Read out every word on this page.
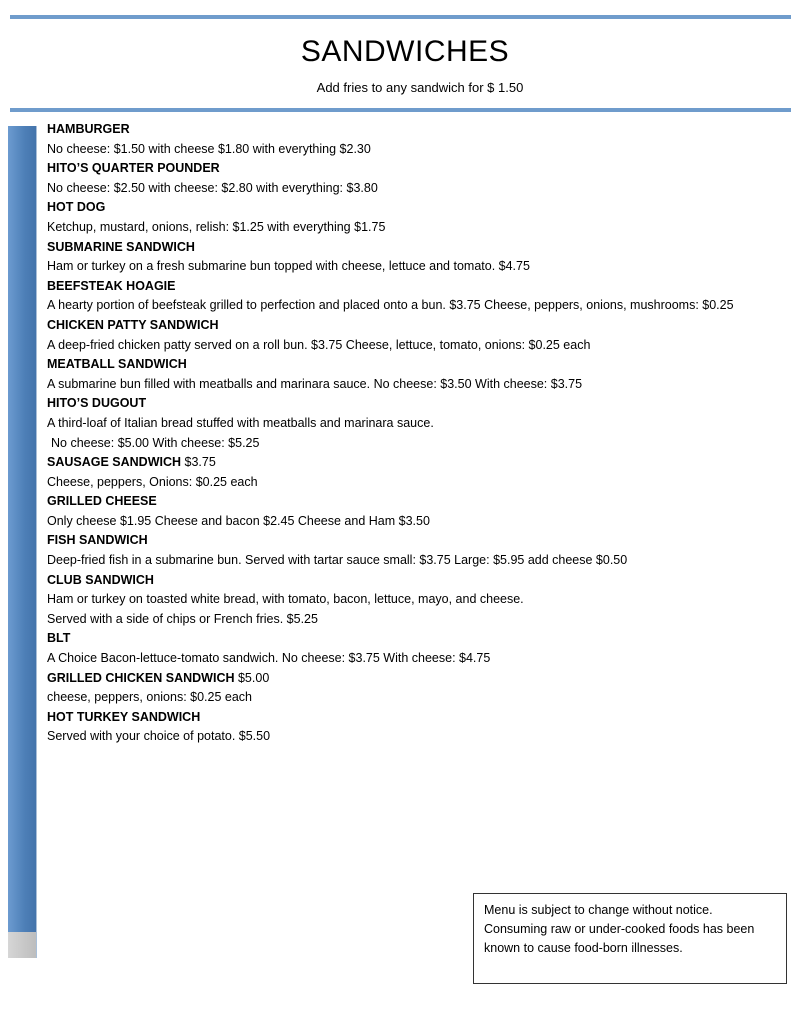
SANDWICHES
Add fries to any sandwich for $ 1.50
HAMBURGER
No cheese: $1.50 with cheese $1.80 with everything $2.30
HITO’S QUARTER POUNDER
No cheese: $2.50 with cheese: $2.80 with everything: $3.80
HOT DOG
Ketchup, mustard, onions, relish: $1.25 with everything $1.75
SUBMARINE SANDWICH
Ham or turkey on a fresh submarine bun topped with cheese, lettuce and tomato. $4.75
BEEFSTEAK HOAGIE
A hearty portion of beefsteak grilled to perfection and placed onto a bun. $3.75 Cheese, peppers, onions, mushrooms: $0.25
CHICKEN PATTY SANDWICH
A deep-fried chicken patty served on a roll bun. $3.75 Cheese, lettuce, tomato, onions: $0.25 each
MEATBALL SANDWICH
A submarine bun filled with meatballs and marinara sauce. No cheese: $3.50 With cheese: $3.75
HITO’S DUGOUT
A third-loaf of Italian bread stuffed with meatballs and marinara sauce.
No cheese: $5.00 With cheese: $5.25
SAUSAGE SANDWICH $3.75
Cheese, peppers, Onions: $0.25 each
GRILLED CHEESE
Only cheese $1.95 Cheese and bacon $2.45 Cheese and Ham $3.50
FISH SANDWICH
Deep-fried fish in a submarine bun. Served with tartar sauce small: $3.75 Large: $5.95 add cheese $0.50
CLUB SANDWICH
Ham or turkey on toasted white bread, with tomato, bacon, lettuce, mayo, and cheese.
Served with a side of chips or French fries. $5.25
BLT
A Choice Bacon-lettuce-tomato sandwich. No cheese: $3.75 With cheese: $4.75
GRILLED CHICKEN SANDWICH $5.00
cheese, peppers, onions: $0.25 each
HOT TURKEY SANDWICH
Served with your choice of potato. $5.50
Menu is subject to change without notice.
Consuming raw or under-cooked foods has been
known to cause food-born illnesses.
